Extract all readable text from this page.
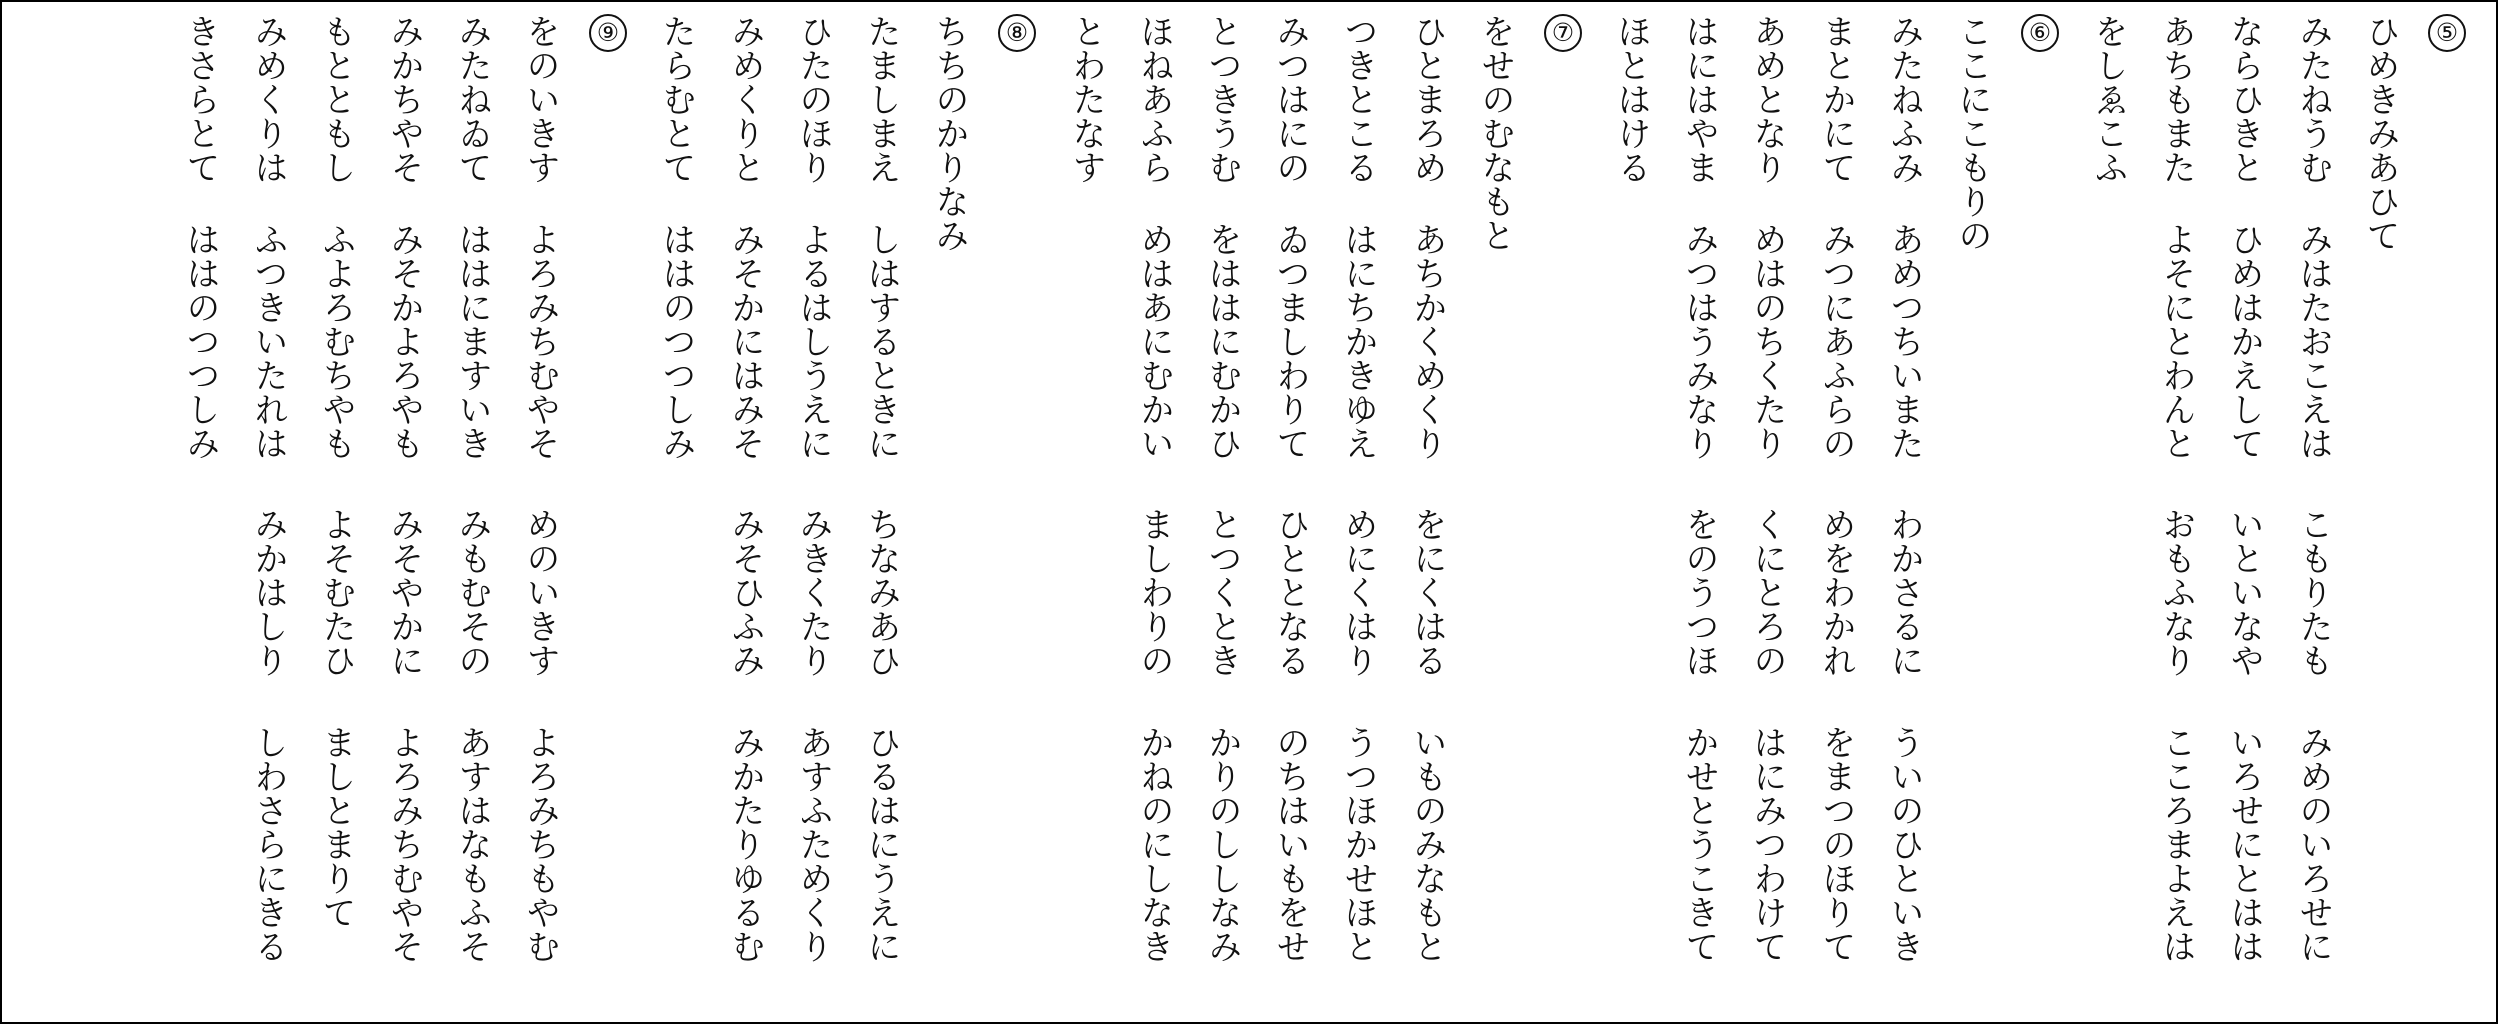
⑤
ひめきみあひて
みたねうむ
みはたおこえは
こもりたも
みめのいろせに
ならひきと
ひめはかえして
いといなや
いろせにとはは
あちもまた
よそにとわんと
おもふなり
こころまよえは
をしゑこふ
⑥
ここにこもりの
みたねふみ
あめつちいまた
わかさるに
ういのひといき
まとかにて
みつにあふらの
めをわかれ
をまつのほりて
あめとなり
めはのちくたり
くにとろの
はにみつわけて
はにはやま
みつはうみなり
をのうつほ
かせとうこきて
ほとはける
⑦
をせのむなもと
ひとまろめ
あちかくめくり
をにくはる
いものみなもと
つきとこる
はにちかきゆえ
めにくはり
うつほかせほと
みつはにの
ゐつましわりて
ひととなる
のちはいもをせ
とつきうむ
をははにむかひ
とつくとき
かりのししなみ
ほねあふら
めはあにむかい
ましわりの
かねのにしなき
とわたなす
⑧
ちちのかりなみ
たましまえ
しはするときに
ちなみあひ
ひるはにうえに
ひたのほり
よるはしうえに
みきくたり
あすふためくり
みめくりと
みそかにはみそ
みそひふみ
みかたりゆるむ
たらむとて
ははのつつしみ
⑨
をのいきす
よろみちむやそ
めのいきす
よろみちもやむ
みたねゐて
ははにますいき
みもむその
あすはなもふそ
みかちやそ
みそかよろやも
みそやかに
よろみちむやそ
もとともし
ふよろむちやも
よそむたひ
ましとまりて
みめくりは
ふつきいたれは
みかはしり
しわさらにきる
きさらとて
ははのつつしみ
